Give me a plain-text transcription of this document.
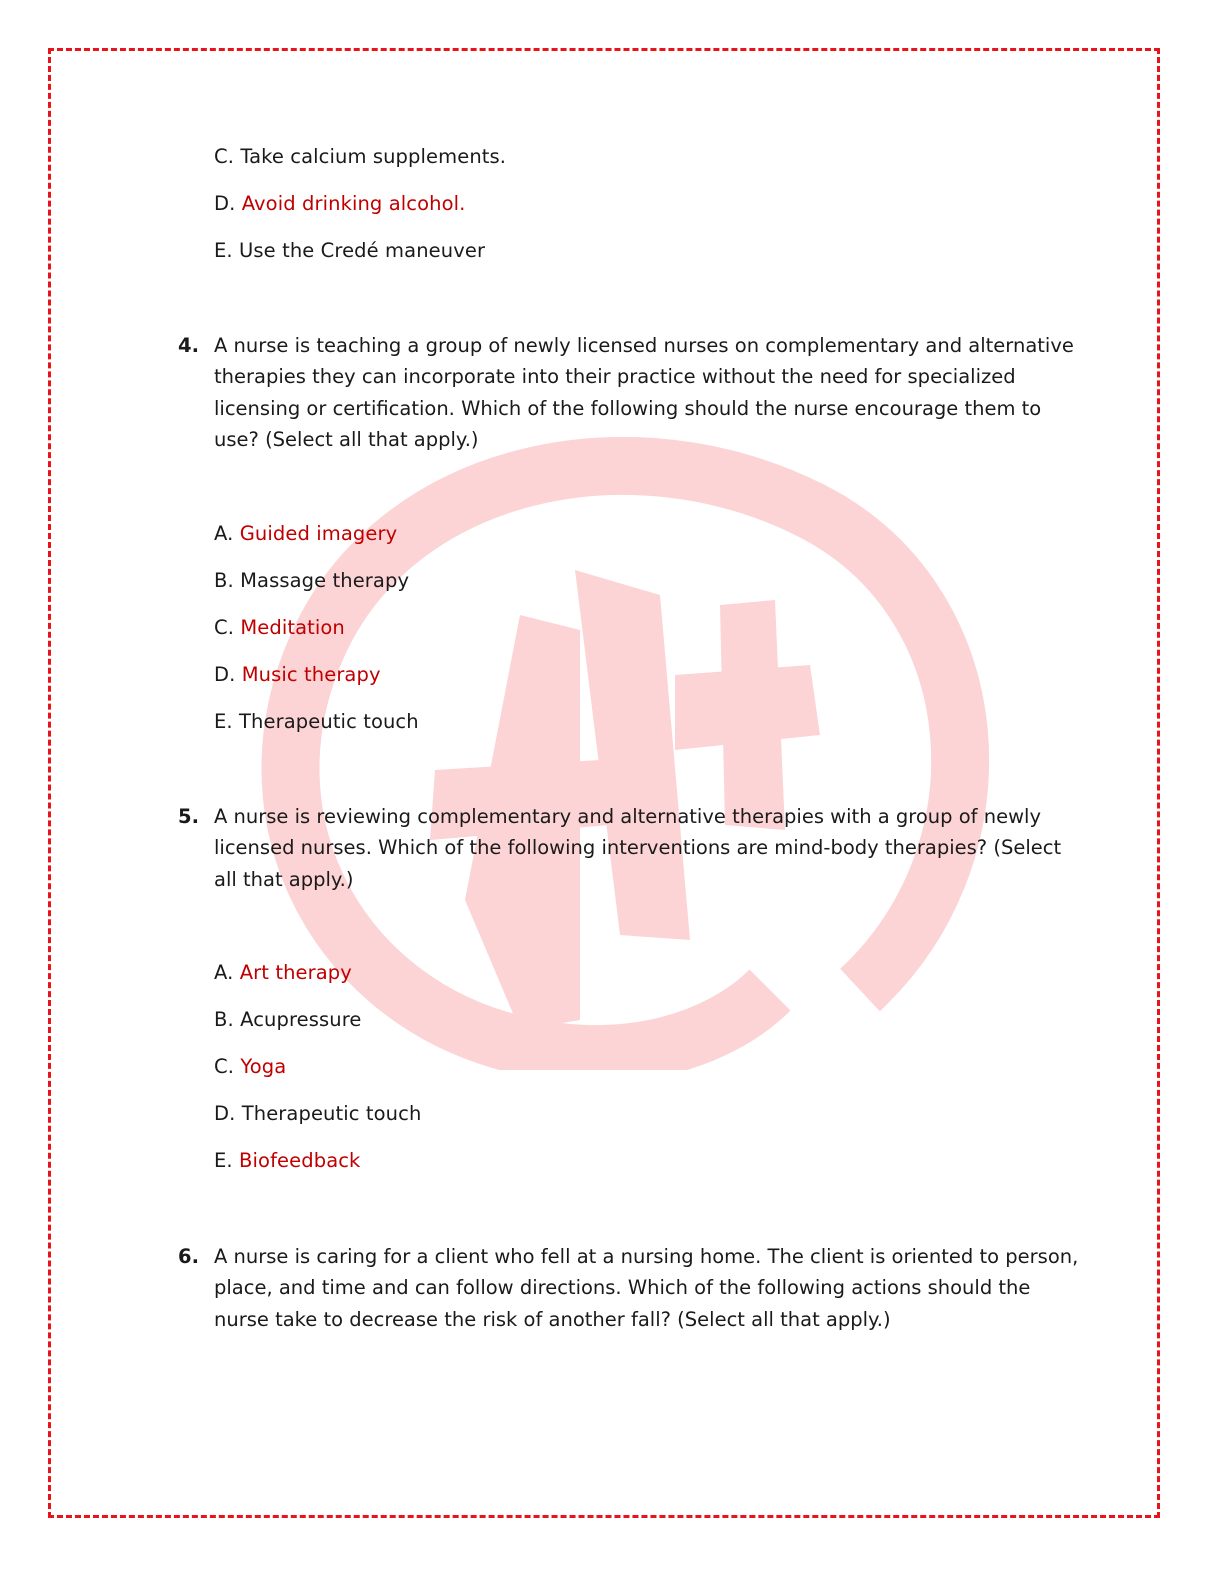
C. Take calcium supplements.
D. Avoid drinking alcohol.
E. Use the Credé maneuver
4. A nurse is teaching a group of newly licensed nurses on complementary and alternative
therapies they can incorporate into their practice without the need for specialized
licensing or certification. Which of the following should the nurse encourage them to
use? (Select all that apply.)
A. Guided imagery
B. Massage therapy
C. Meditation
D. Music therapy
E. Therapeutic touch
5. A nurse is reviewing complementary and alternative therapies with a group of newly
licensed nurses. Which of the following interventions are mind-body therapies? (Select
all that apply.)
A. Art therapy
B. Acupressure
C. Yoga
D. Therapeutic touch
E. Biofeedback
6. A nurse is caring for a client who fell at a nursing home. The client is oriented to person,
place, and time and can follow directions. Which of the following actions should the
nurse take to decrease the risk of another fall? (Select all that apply.)
